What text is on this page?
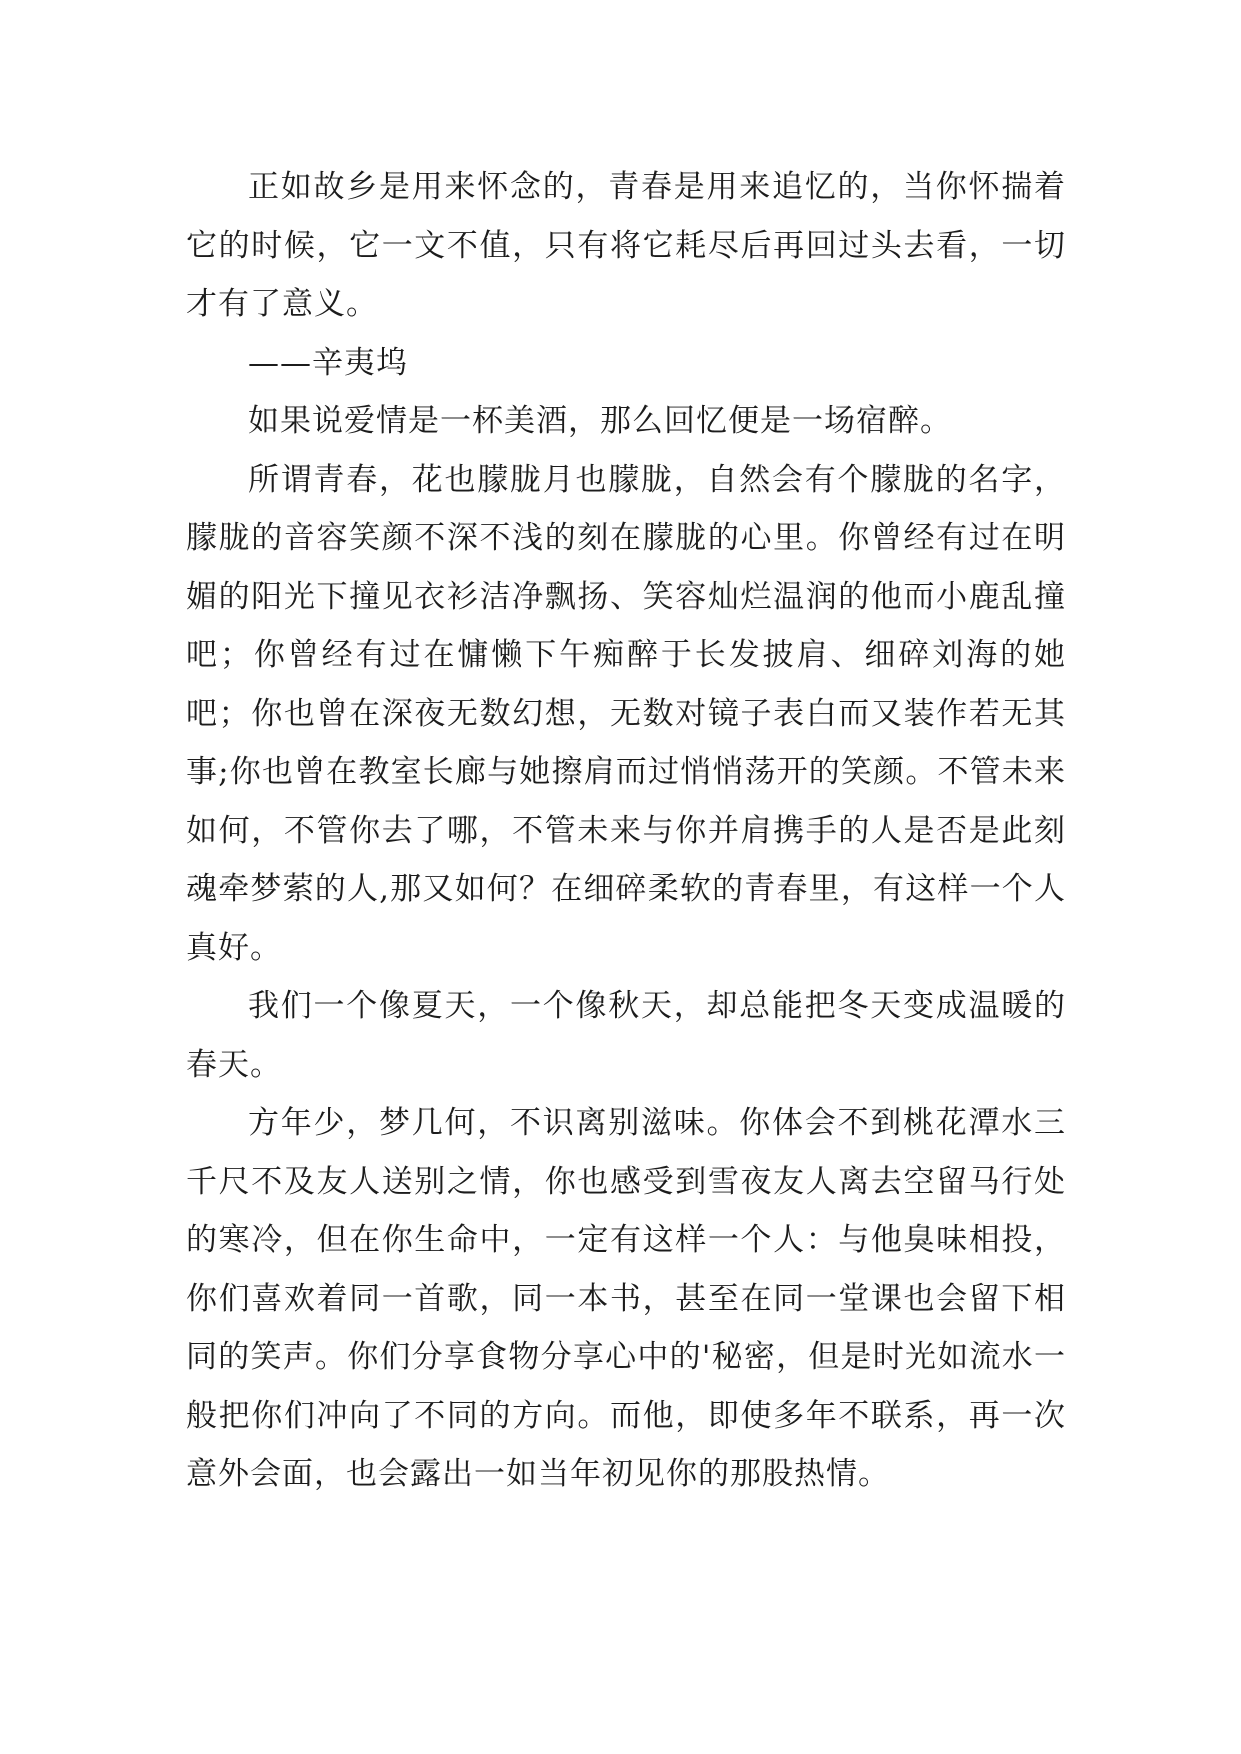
正如故乡是用来怀念的，青春是用来追忆的，当你怀揣着它的时候，它一文不值，只有将它耗尽后再回过头去看，一切才有了意义。

——辛夷坞

如果说爱情是一杯美酒，那么回忆便是一场宿醉。

所谓青春，花也朦胧月也朦胧，自然会有个朦胧的名字，朦胧的音容笑颜不深不浅的刻在朦胧的心里。你曾经有过在明媚的阳光下撞见衣衫洁净飘扬、笑容灿烂温润的他而小鹿乱撞吧；你曾经有过在慵懒下午痴醉于长发披肩、细碎刘海的她吧；你也曾在深夜无数幻想，无数对镜子表白而又装作若无其事;你也曾在教室长廊与她擦肩而过悄悄荡开的笑颜。不管未来如何，不管你去了哪，不管未来与你并肩携手的人是否是此刻魂牵梦萦的人,那又如何？在细碎柔软的青春里，有这样一个人真好。

我们一个像夏天，一个像秋天，却总能把冬天变成温暖的春天。

方年少，梦几何，不识离别滋味。你体会不到桃花潭水三千尺不及友人送别之情，你也感受到雪夜友人离去空留马行处的寒冷，但在你生命中，一定有这样一个人：与他臭味相投，你们喜欢着同一首歌，同一本书，甚至在同一堂课也会留下相同的笑声。你们分享食物分享心中的'秘密，但是时光如流水一般把你们冲向了不同的方向。而他，即使多年不联系，再一次意外会面，也会露出一如当年初见你的那股热情。
